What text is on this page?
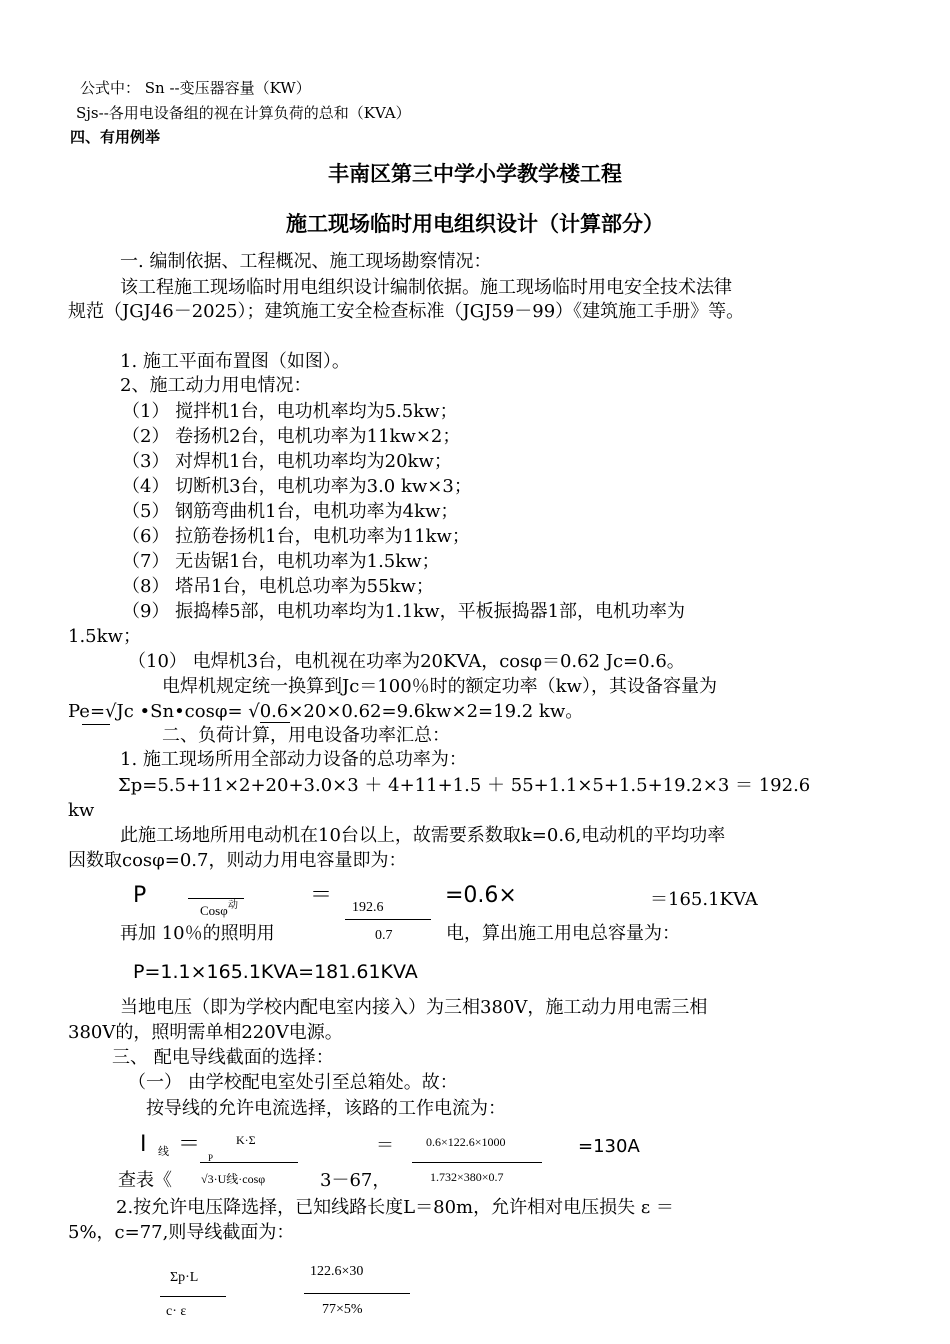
公式中： Sn --变压器容量（KW）
Sjs--各用电设备组的视在计算负荷的总和（KVA）
四、有用例举
丰南区第三中学小学教学楼工程
施工现场临时用电组织设计（计算部分）
一. 编制依据、工程概况、施工现场勘察情况：
该工程施工现场临时用电组织设计编制依据。施工现场临时用电安全技术法律
规范（JGJ46－2025）；建筑施工安全检查标准（JGJ59－99）《建筑施工手册》等。
1. 施工平面布置图（如图）。
2、施工动力用电情况：
（1） 搅拌机1台，电功机率均为5.5kw；
（2） 卷扬机2台，电机功率为11kw×2；
（3） 对焊机1台，电机功率均为20kw；
（4） 切断机3台，电机功率为3.0 kw×3；
（5） 钢筋弯曲机1台，电机功率为4kw；
（6） 拉筋卷扬机1台，电机功率为11kw；
（7） 无齿锯1台，电机功率为1.5kw；
（8） 塔吊1台，电机总功率为55kw；
（9） 振捣棒5部，电机功率均为1.1kw，平板振捣器1部，电机功率为
1.5kw；
（10） 电焊机3台，电机视在功率为20KVA，cosφ＝0.62 Jc=0.6。
电焊机规定统一换算到Jc＝100％时的额定功率（kw），其设备容量为
Pe=√Jc •Sn•cosφ= √0.6×20×0.62=9.6kw×2=19.2 kw。
二、负荷计算，用电设备功率汇总：
1. 施工现场所用全部动力设备的总功率为：
Σp=5.5+11×2+20+3.0×3 ＋ 4+11+1.5 ＋ 55+1.1×5+1.5+19.2×3 ＝ 192.6
kw
此施工场地所用电动机在10台以上，故需要系数取k=0.6,电动机的平均功率
因数取cosφ=0.7，则动力用电容量即为：
P
Cosφ 动	＝	=0.6×
192.6
0.7
＝165.1KVA
再加 10％的照明用	电，算出施工用电总容量为：
P=1.1×165.1KVA=181.61KVA
当地电压（即为学校内配电室内接入）为三相380V，施工动力用电需三相
380V的，照明需单相220V电源。
三、 配电导线截面的选择：
（一） 由学校配电室处引至总箱处。故：
按导线的允许电流选择，该路的工作电流为：
I 线 ＝	K·Σ
P
√3·U线·cosφ
＝	0.6×122.6×1000
1.732×380×0.7
=130A
查表《	3－67，
2.按允许电压降选择，已知线路长度L＝80m，允许相对电压损失 ε ＝
5%，c=77,则导线截面为：
Σp·L
c· ε
122.6×30
77×5%
